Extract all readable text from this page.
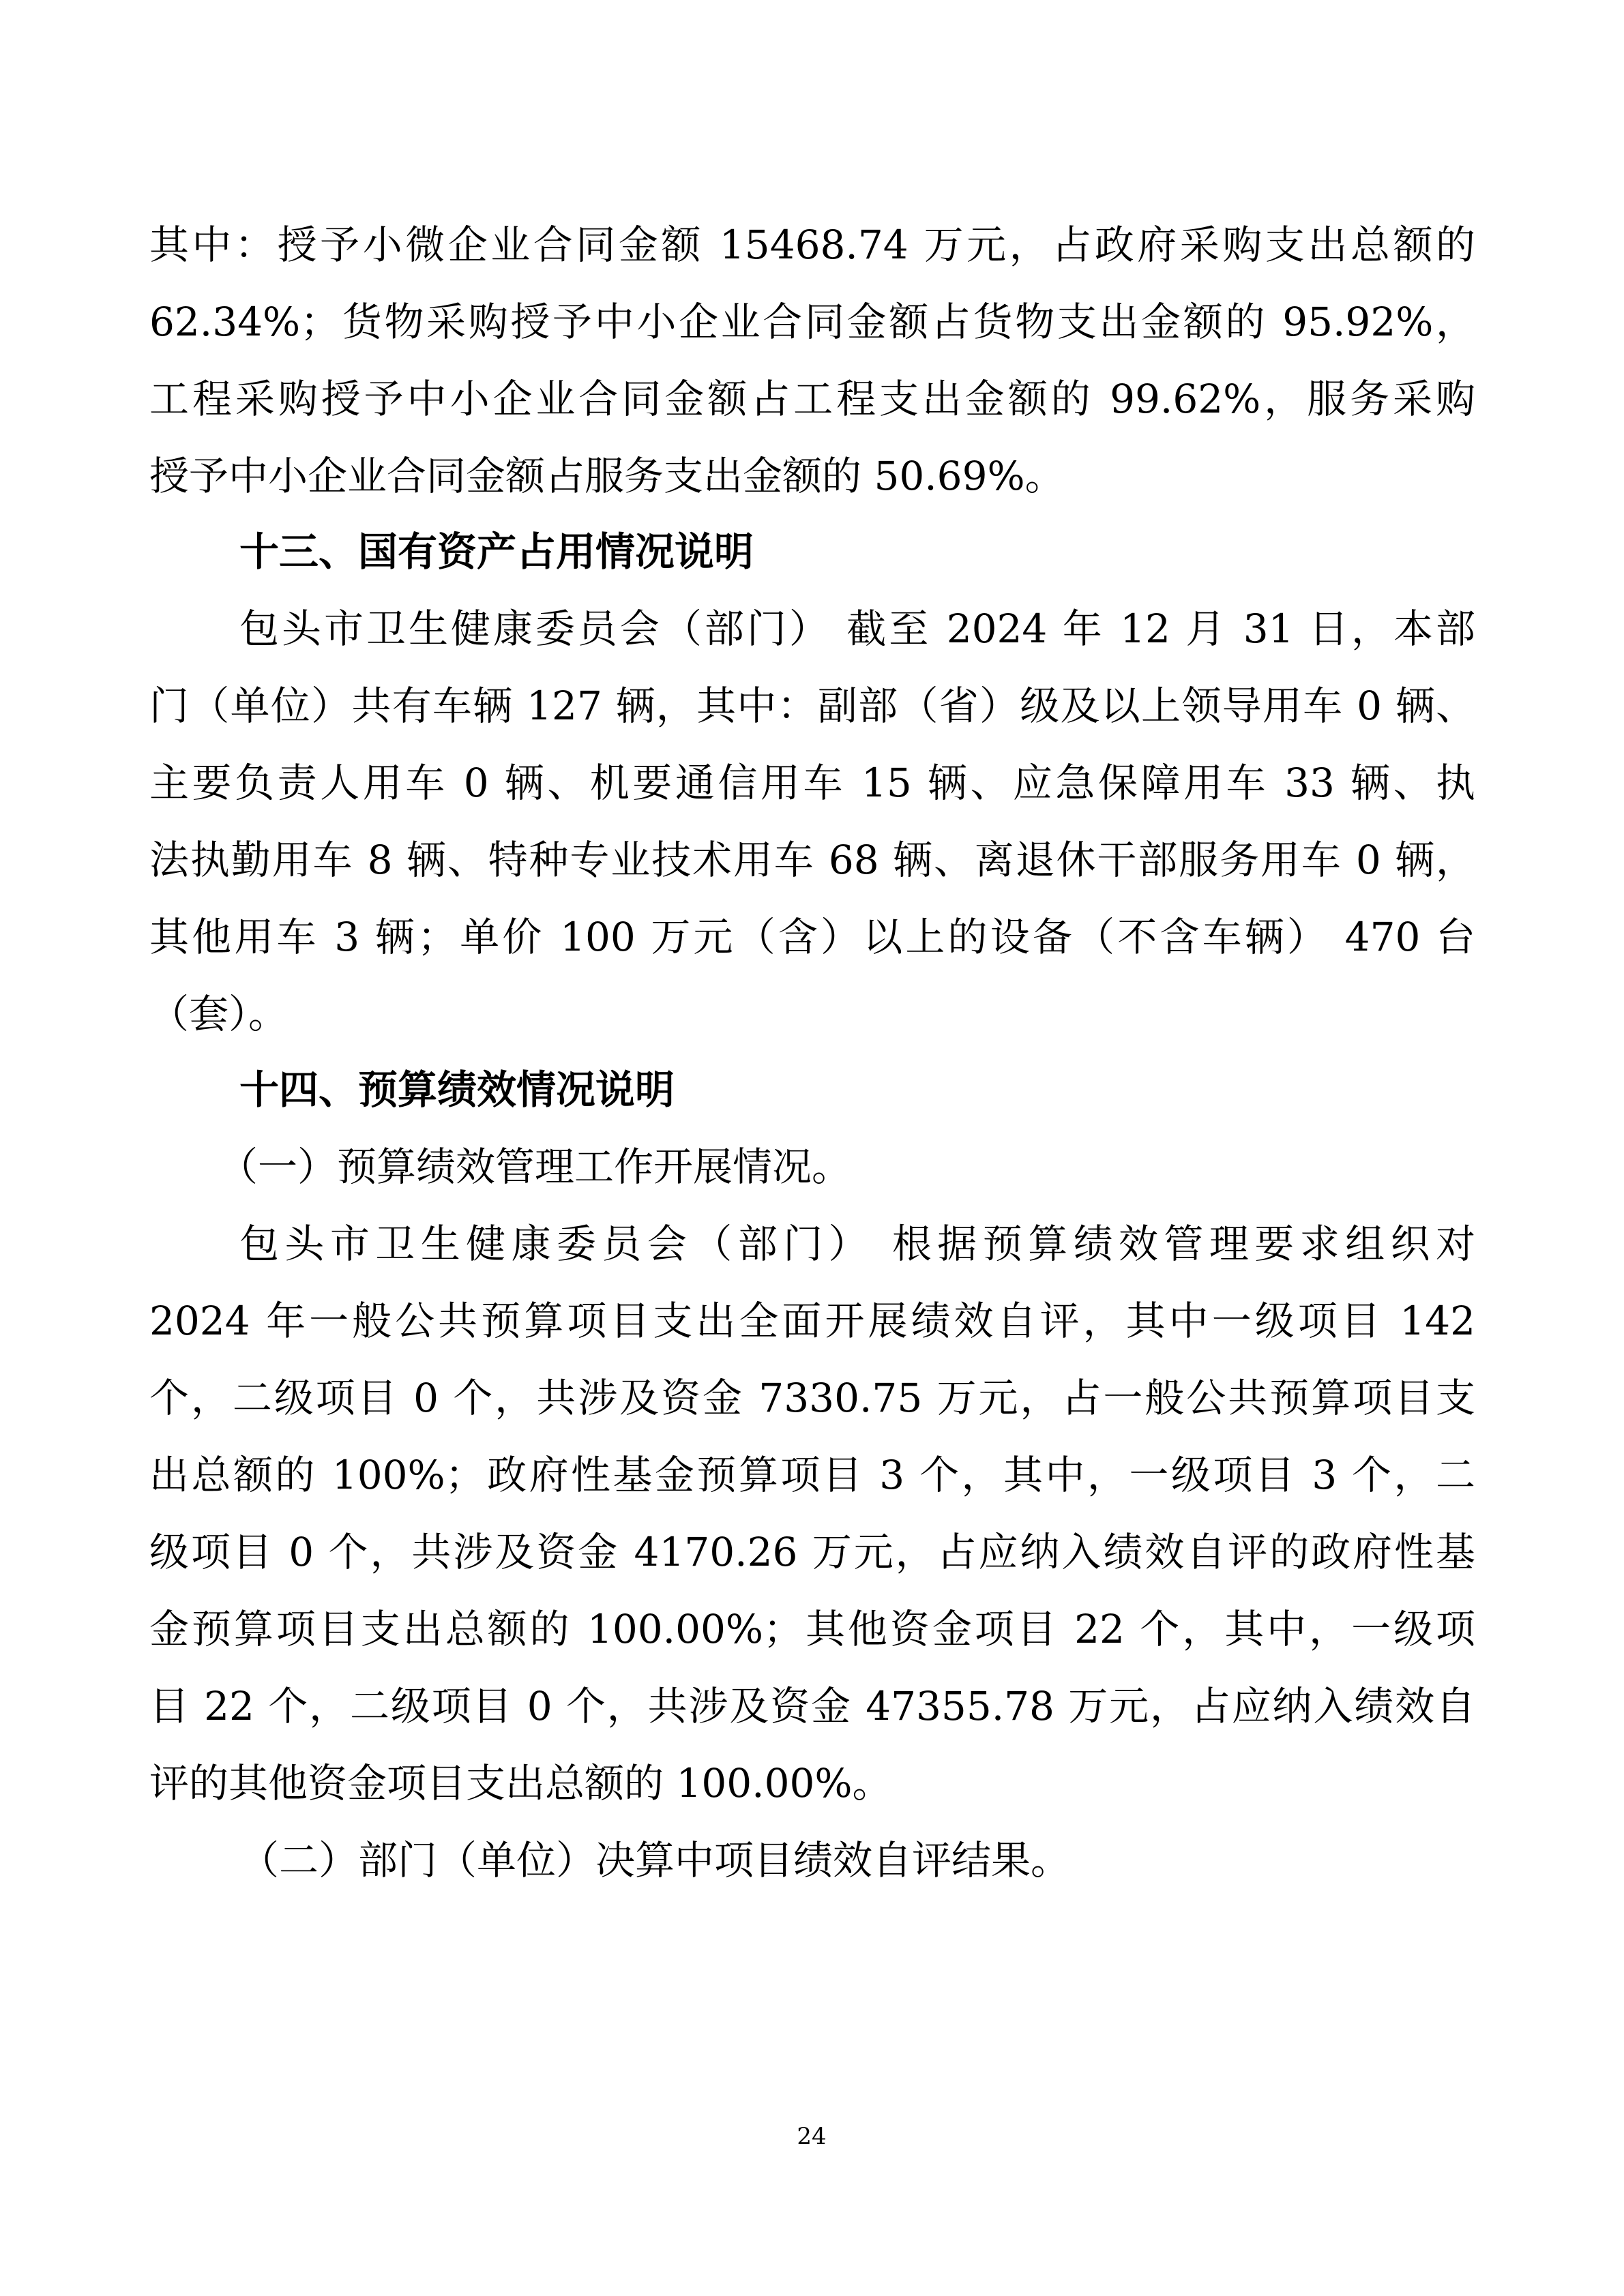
其中：授予小微企业合同金额 15468.74 万元，占政府采购支出总额的
62.34%；货物采购授予中小企业合同金额占货物支出金额的 95.92%，
工程采购授予中小企业合同金额占工程支出金额的 99.62%，服务采购
授予中小企业合同金额占服务支出金额的 50.69%。
十三、国有资产占用情况说明
包头市卫生健康委员会（部门） 截至 2024 年 12 月 31 日，本部
门（单位）共有车辆 127 辆，其中：副部（省）级及以上领导用车 0 辆、
主要负责人用车 0 辆、机要通信用车 15 辆、应急保障用车 33 辆、执
法执勤用车 8 辆、特种专业技术用车 68 辆、离退休干部服务用车 0 辆，
其他用车 3 辆；单价 100 万元（含）以上的设备（不含车辆） 470 台
（套）。
十四、预算绩效情况说明
（一）预算绩效管理工作开展情况。
包头市卫生健康委员会（部门） 根据预算绩效管理要求组织对
2024 年一般公共预算项目支出全面开展绩效自评，其中一级项目 142
个，二级项目 0 个，共涉及资金 7330.75 万元，占一般公共预算项目支
出总额的 100%；政府性基金预算项目 3 个，其中，一级项目 3 个，二
级项目 0 个，共涉及资金 4170.26 万元，占应纳入绩效自评的政府性基
金预算项目支出总额的 100.00%；其他资金项目 22 个，其中，一级项
目 22 个，二级项目 0 个，共涉及资金 47355.78 万元，占应纳入绩效自
评的其他资金项目支出总额的 100.00%。
（二）部门（单位）决算中项目绩效自评结果。
24
